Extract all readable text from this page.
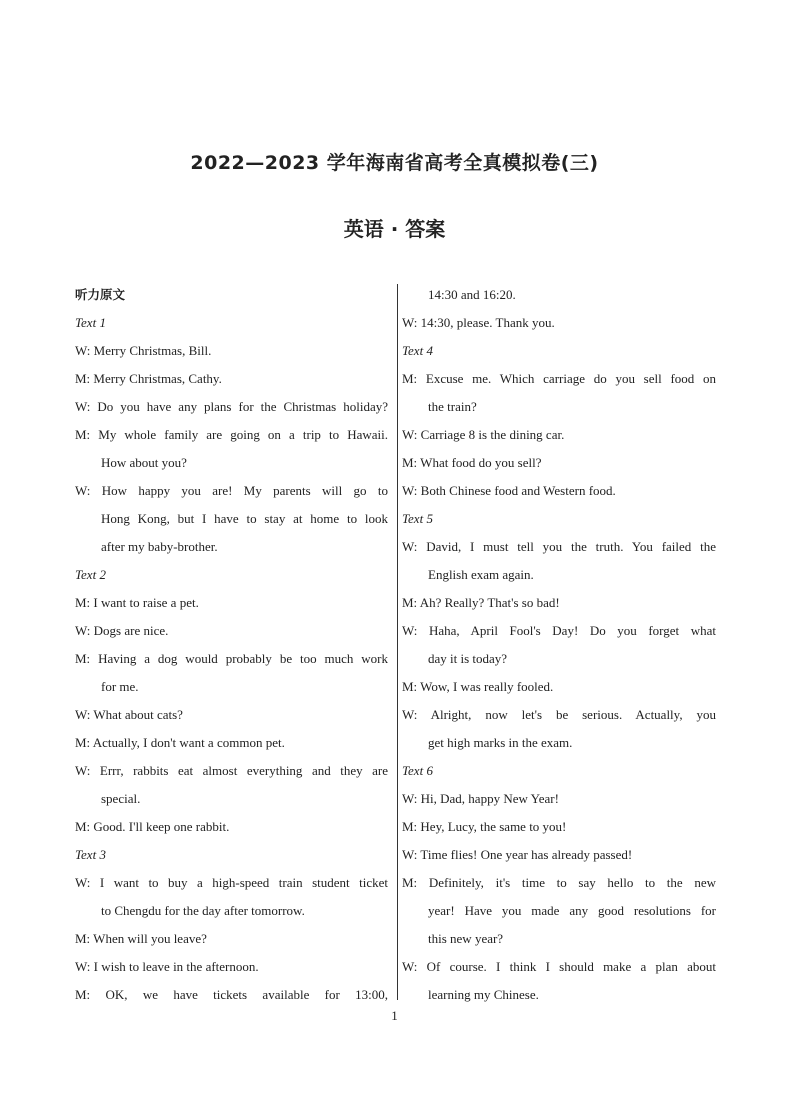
2022—2023 学年海南省高考全真模拟卷(三)
英语 · 答案
听力原文
Text 1
W: Merry Christmas, Bill.
M: Merry Christmas, Cathy.
W: Do you have any plans for the Christmas holiday?
M: My whole family are going on a trip to Hawaii.
How about you?
W: How happy you are! My parents will go to
Hong Kong, but I have to stay at home to look
after my baby-brother.
Text 2
M: I want to raise a pet.
W: Dogs are nice.
M: Having a dog would probably be too much work
for me.
W: What about cats?
M: Actually, I don't want a common pet.
W: Errr, rabbits eat almost everything and they are
special.
M: Good. I'll keep one rabbit.
Text 3
W: I want to buy a high-speed train student ticket
to Chengdu for the day after tomorrow.
M: When will you leave?
W: I wish to leave in the afternoon.
M: OK, we have tickets available for 13:00,
14:30 and 16:20.
W: 14:30, please. Thank you.
Text 4
M: Excuse me. Which carriage do you sell food on
the train?
W: Carriage 8 is the dining car.
M: What food do you sell?
W: Both Chinese food and Western food.
Text 5
W: David, I must tell you the truth. You failed the
English exam again.
M: Ah? Really? That's so bad!
W: Haha, April Fool's Day! Do you forget what
day it is today?
M: Wow, I was really fooled.
W: Alright, now let's be serious. Actually, you
get high marks in the exam.
Text 6
W: Hi, Dad, happy New Year!
M: Hey, Lucy, the same to you!
W: Time flies! One year has already passed!
M: Definitely, it's time to say hello to the new
year! Have you made any good resolutions for
this new year?
W: Of course. I think I should make a plan about
learning my Chinese.
1
